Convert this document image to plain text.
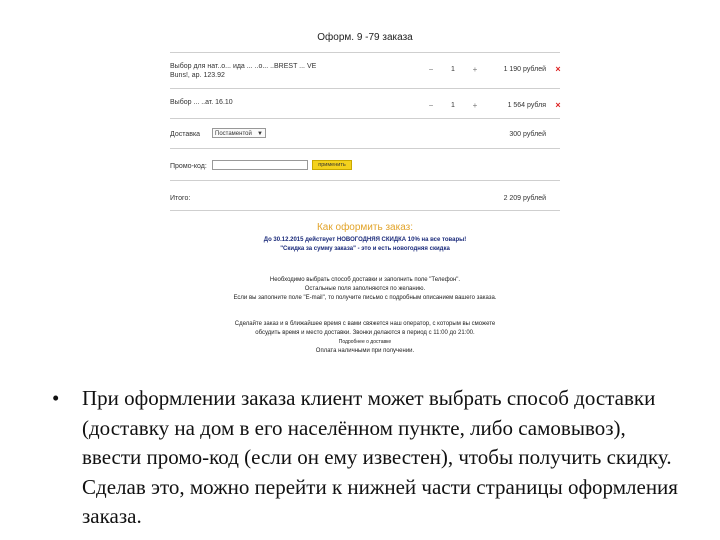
Оформ. 9 -79 заказа
Выбор для нат..о... ида ... ..о... ..BREST ... VE
Buns!, ар. 123.92
−	1	+	1 190 рублей ×
Выбор ... ..ат. 16.10	−	1	+	1 564 рубля ×
Доставка	Постаментой ▼	300 рублей
Промо-код:	применить
Итого:	2 209 рублей
Как оформить заказ:
До 30.12.2015 действует НОВОГОДНЯЯ СКИДКА 10% на все товары!
"Скидка за сумму заказа" - это и есть новогодняя скидка
Необходимо выбрать способ доставки и заполнить поле "Телефон".
Остальные поля заполняются по желанию.
Если вы заполните поле "E-mail", то получите письмо с подробным описанием вашего заказа.
Сделайте заказ и в ближайшее время с вами свяжется наш оператор, с которым вы сможете
обсудить время и место доставки. Звонки делаются в период с 11:00 до 21:00.
Подробнее о доставке
Оплата наличными при получении.
• При оформлении заказа клиент может выбрать способ доставки (доставку на дом в его населённом пункте, либо самовывоз), ввести промо-код (если он ему известен), чтобы получить скидку. Сделав это, можно перейти к нижней части страницы оформления заказа.
